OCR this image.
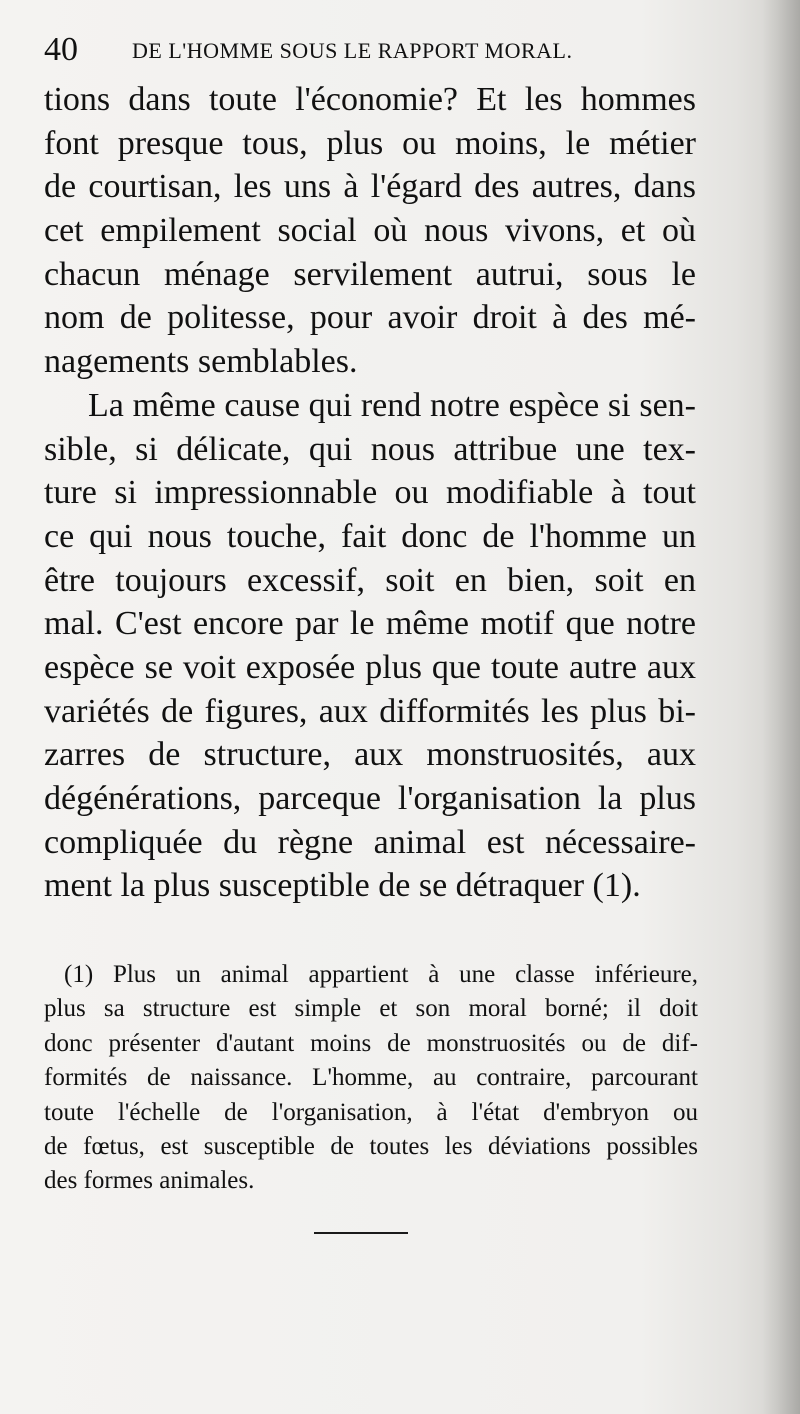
40 DE L'HOMME SOUS LE RAPPORT MORAL.
tions dans toute l'économie? Et les hommes
font presque tous, plus ou moins, le métier
de courtisan, les uns à l'égard des autres, dans
cet empilement social où nous vivons, et où
chacun ménage servilement autrui, sous le
nom de politesse, pour avoir droit à des mé-
nagements semblables.
La même cause qui rend notre espèce si sen-
sible, si délicate, qui nous attribue une tex-
ture si impressionnable ou modifiable à tout
ce qui nous touche, fait donc de l'homme un
être toujours excessif, soit en bien, soit en
mal. C'est encore par le même motif que notre
espèce se voit exposée plus que toute autre aux
variétés de figures, aux difformités les plus bi-
zarres de structure, aux monstruosités, aux
dégénérations, parceque l'organisation la plus
compliquée du règne animal est nécessaire-
ment la plus susceptible de se détraquer (1).
(1) Plus un animal appartient à une classe inférieure,
plus sa structure est simple et son moral borné; il doit
donc présenter d'autant moins de monstruosités ou de dif-
formités de naissance. L'homme, au contraire, parcourant
toute l'échelle de l'organisation, à l'état d'embryon ou
de fœtus, est susceptible de toutes les déviations possibles
des formes animales.
